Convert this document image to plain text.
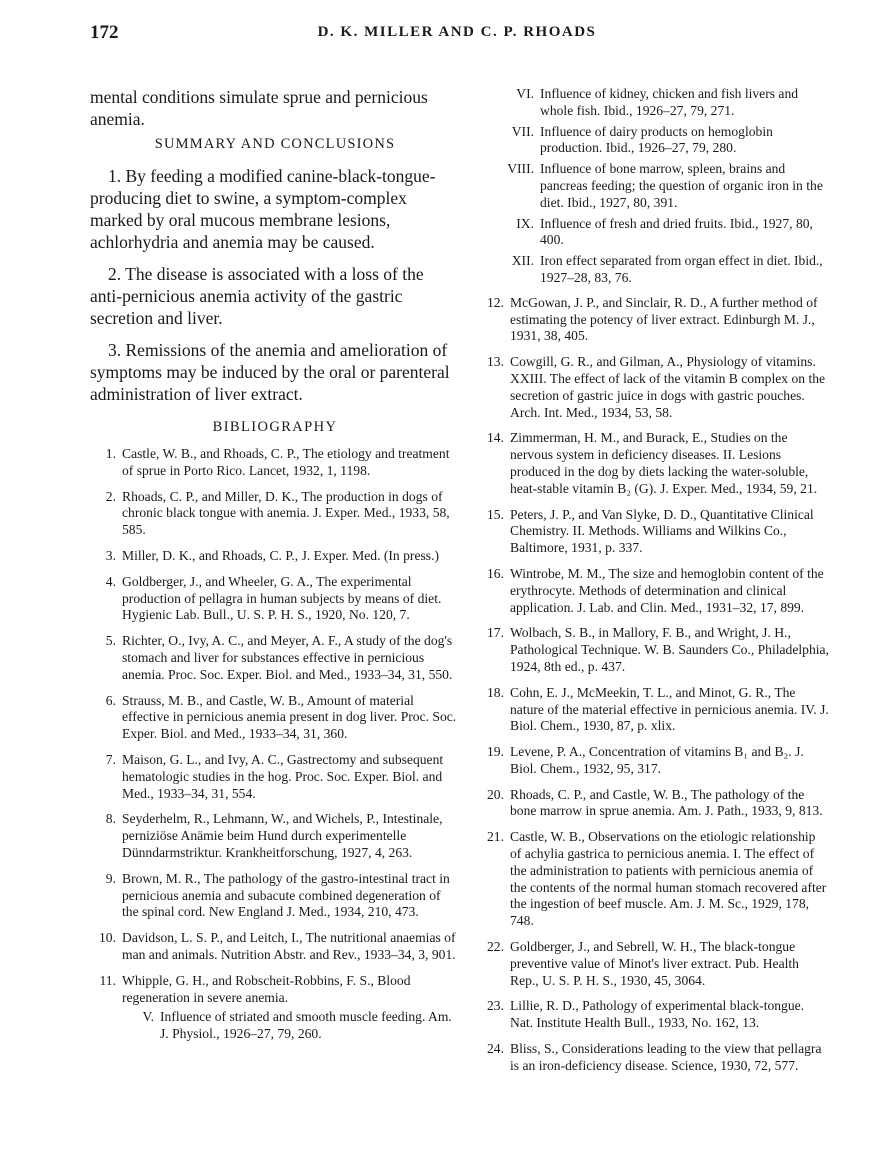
172	D. K. MILLER AND C. P. RHOADS

mental conditions simulate sprue and pernicious anemia.

SUMMARY AND CONCLUSIONS

1. By feeding a modified canine-black-tongue-producing diet to swine, a symptom-complex marked by oral mucous membrane lesions, achlorhydria and anemia may be caused.

2. The disease is associated with a loss of the anti-pernicious anemia activity of the gastric secretion and liver.

3. Remissions of the anemia and amelioration of symptoms may be induced by the oral or parenteral administration of liver extract.

BIBLIOGRAPHY
1. Castle, W. B., and Rhoads, C. P., The etiology and treatment of sprue in Porto Rico. Lancet, 1932, 1, 1198.
2. Rhoads, C. P., and Miller, D. K., The production in dogs of chronic black tongue with anemia. J. Exper. Med., 1933, 58, 585.
3. Miller, D. K., and Rhoads, C. P., J. Exper. Med. (In press.)
4. Goldberger, J., and Wheeler, G. A., The experimental production of pellagra in human subjects by means of diet. Hygienic Lab. Bull., U. S. P. H. S., 1920, No. 120, 7.
5. Richter, O., Ivy, A. C., and Meyer, A. F., A study of the dog's stomach and liver for substances effective in pernicious anemia. Proc. Soc. Exper. Biol. and Med., 1933–34, 31, 550.
6. Strauss, M. B., and Castle, W. B., Amount of material effective in pernicious anemia present in dog liver. Proc. Soc. Exper. Biol. and Med., 1933–34, 31, 360.
7. Maison, G. L., and Ivy, A. C., Gastrectomy and subsequent hematologic studies in the hog. Proc. Soc. Exper. Biol. and Med., 1933–34, 31, 554.
8. Seyderhelm, R., Lehmann, W., and Wichels, P., Intestinale, perniziöse Anämie beim Hund durch experimentelle Dünndarmstriktur. Krankheitforschung, 1927, 4, 263.
9. Brown, M. R., The pathology of the gastro-intestinal tract in pernicious anemia and subacute combined degeneration of the spinal cord. New England J. Med., 1934, 210, 473.
10. Davidson, L. S. P., and Leitch, I., The nutritional anaemias of man and animals. Nutrition Abstr. and Rev., 1933–34, 3, 901.
11. Whipple, G. H., and Robscheit-Robbins, F. S., Blood regeneration in severe anemia.
V. Influence of striated and smooth muscle feeding. Am. J. Physiol., 1926–27, 79, 260.
VI. Influence of kidney, chicken and fish livers and whole fish. Ibid., 1926–27, 79, 271.
VII. Influence of dairy products on hemoglobin production. Ibid., 1926–27, 79, 280.
VIII. Influence of bone marrow, spleen, brains and pancreas feeding; the question of organic iron in the diet. Ibid., 1927, 80, 391.
IX. Influence of fresh and dried fruits. Ibid., 1927, 80, 400.
XII. Iron effect separated from organ effect in diet. Ibid., 1927–28, 83, 76.
12. McGowan, J. P., and Sinclair, R. D., A further method of estimating the potency of liver extract. Edinburgh M. J., 1931, 38, 405.
13. Cowgill, G. R., and Gilman, A., Physiology of vitamins. XXIII. The effect of lack of the vitamin B complex on the secretion of gastric juice in dogs with gastric pouches. Arch. Int. Med., 1934, 53, 58.
14. Zimmerman, H. M., and Burack, E., Studies on the nervous system in deficiency diseases. II. Lesions produced in the dog by diets lacking the water-soluble, heat-stable vitamin B₂ (G). J. Exper. Med., 1934, 59, 21.
15. Peters, J. P., and Van Slyke, D. D., Quantitative Clinical Chemistry. II. Methods. Williams and Wilkins Co., Baltimore, 1931, p. 337.
16. Wintrobe, M. M., The size and hemoglobin content of the erythrocyte. Methods of determination and clinical application. J. Lab. and Clin. Med., 1931–32, 17, 899.
17. Wolbach, S. B., in Mallory, F. B., and Wright, J. H., Pathological Technique. W. B. Saunders Co., Philadelphia, 1924, 8th ed., p. 437.
18. Cohn, E. J., McMeekin, T. L., and Minot, G. R., The nature of the material effective in pernicious anemia. IV. J. Biol. Chem., 1930, 87, p. xlix.
19. Levene, P. A., Concentration of vitamins B₁ and B₂. J. Biol. Chem., 1932, 95, 317.
20. Rhoads, C. P., and Castle, W. B., The pathology of the bone marrow in sprue anemia. Am. J. Path., 1933, 9, 813.
21. Castle, W. B., Observations on the etiologic relationship of achylia gastrica to pernicious anemia. I. The effect of the administration to patients with pernicious anemia of the contents of the normal human stomach recovered after the ingestion of beef muscle. Am. J. M. Sc., 1929, 178, 748.
22. Goldberger, J., and Sebrell, W. H., The black-tongue preventive value of Minot's liver extract. Pub. Health Rep., U. S. P. H. S., 1930, 45, 3064.
23. Lillie, R. D., Pathology of experimental black-tongue. Nat. Institute Health Bull., 1933, No. 162, 13.
24. Bliss, S., Considerations leading to the view that pellagra is an iron-deficiency disease. Science, 1930, 72, 577.
